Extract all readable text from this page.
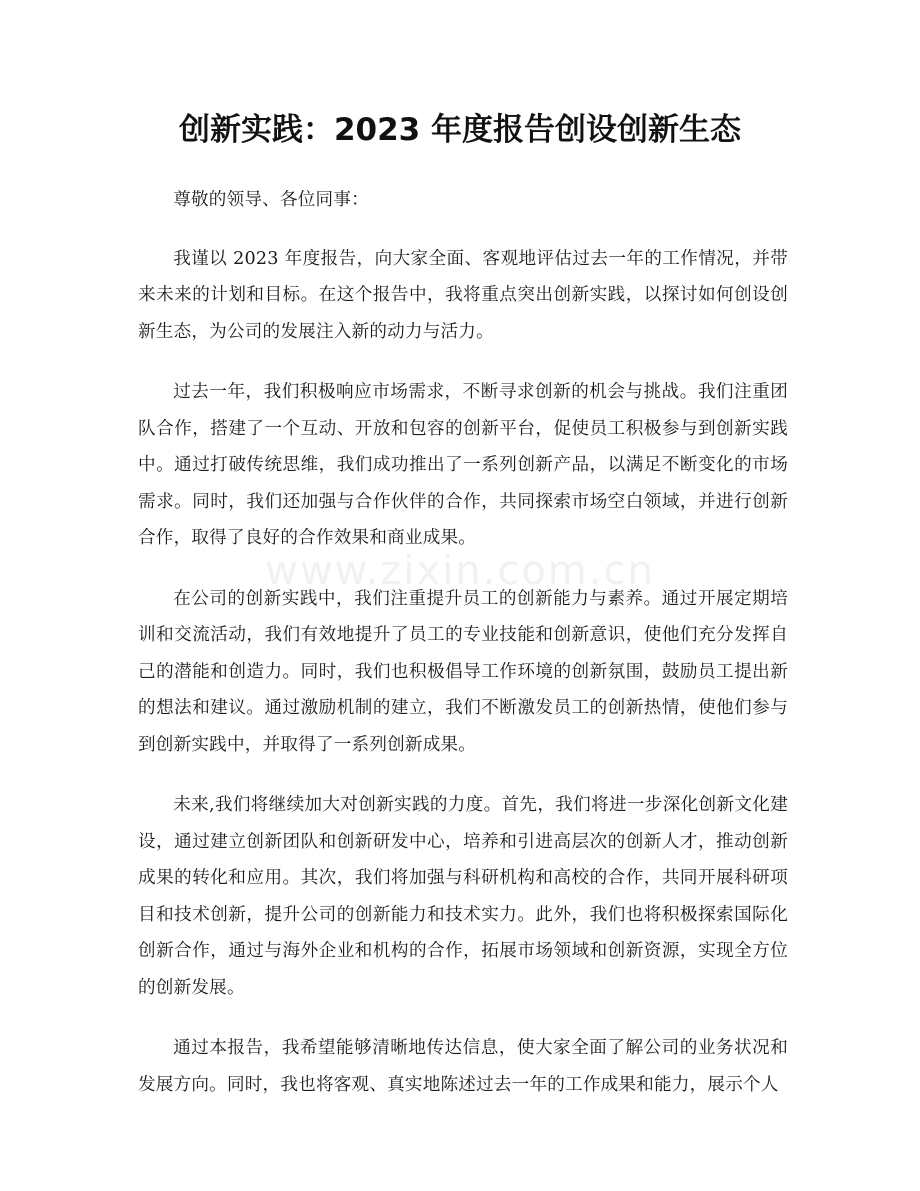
创新实践：2023 年度报告创设创新生态
www.zixin.com.cn

尊敬的领导、各位同事：

我谨以 2023 年度报告，向大家全面、客观地评估过去一年的工作情况，并带来未来的计划和目标。在这个报告中，我将重点突出创新实践，以探讨如何创设创新生态，为公司的发展注入新的动力与活力。

过去一年，我们积极响应市场需求，不断寻求创新的机会与挑战。我们注重团队合作，搭建了一个互动、开放和包容的创新平台，促使员工积极参与到创新实践中。通过打破传统思维，我们成功推出了一系列创新产品，以满足不断变化的市场需求。同时，我们还加强与合作伙伴的合作，共同探索市场空白领域，并进行创新合作，取得了良好的合作效果和商业成果。

在公司的创新实践中，我们注重提升员工的创新能力与素养。通过开展定期培训和交流活动，我们有效地提升了员工的专业技能和创新意识，使他们充分发挥自己的潜能和创造力。同时，我们也积极倡导工作环境的创新氛围，鼓励员工提出新的想法和建议。通过激励机制的建立，我们不断激发员工的创新热情，使他们参与到创新实践中，并取得了一系列创新成果。

未来,我们将继续加大对创新实践的力度。首先，我们将进一步深化创新文化建设，通过建立创新团队和创新研发中心，培养和引进高层次的创新人才，推动创新成果的转化和应用。其次，我们将加强与科研机构和高校的合作，共同开展科研项目和技术创新，提升公司的创新能力和技术实力。此外，我们也将积极探索国际化创新合作，通过与海外企业和机构的合作，拓展市场领域和创新资源，实现全方位的创新发展。

通过本报告，我希望能够清晰地传达信息，使大家全面了解公司的业务状况和发展方向。同时，我也将客观、真实地陈述过去一年的工作成果和能力，展示个人
